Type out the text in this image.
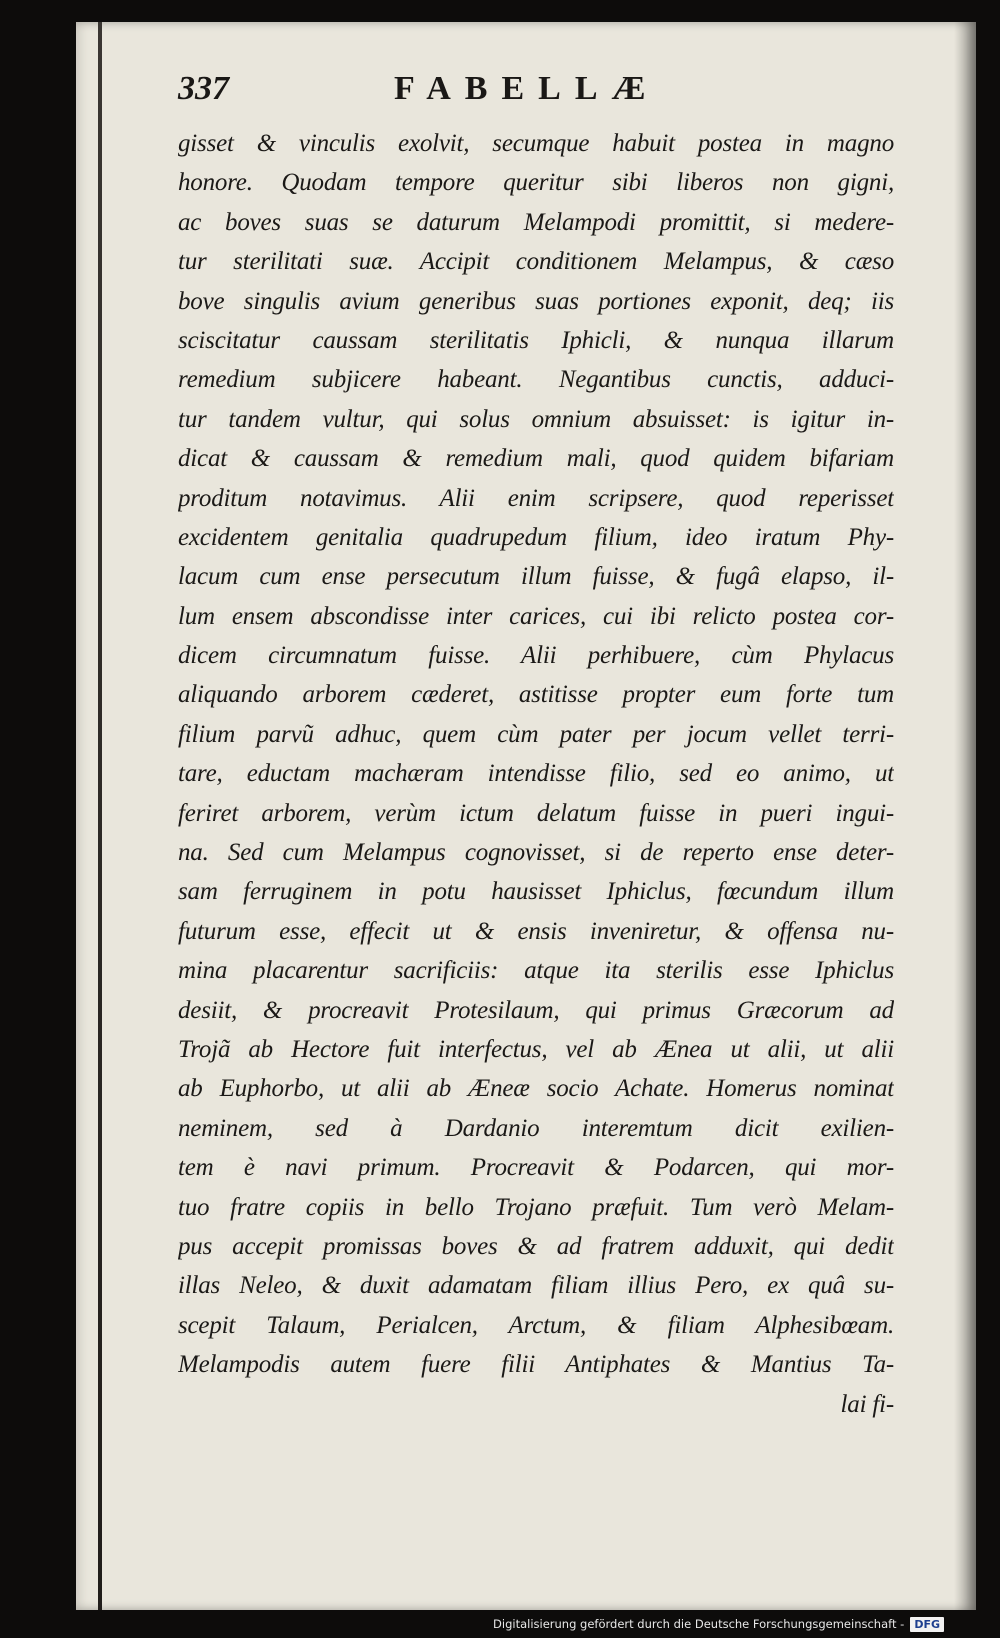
337	FABELLÆ
gisset & vinculis exolvit, secumque habuit postea in magno
honore. Quodam tempore queritur sibi liberos non gigni,
ac boves suas se daturum Melampodi promittit, si medere-
tur sterilitati suæ. Accipit conditionem Melampus, & cæso
bove singulis avium generibus suas portiones exponit, deq; iis
sciscitatur caussam sterilitatis Iphicli, & nunqua illarum
remedium subjicere habeant. Negantibus cunctis, adduci-
tur tandem vultur, qui solus omnium absuisset: is igitur in-
dicat & caussam & remedium mali, quod quidem bifariam
proditum notavimus. Alii enim scripsere, quod reperisset
excidentem genitalia quadrupedum filium, ideo iratum Phy-
lacum cum ense persecutum illum fuisse, & fugâ elapso, il-
lum ensem abscondisse inter carices, cui ibi relicto postea cor-
dicem circumnatum fuisse. Alii perhibuere, cùm Phylacus
aliquando arborem cæderet, astitisse propter eum forte tum
filium parvũ adhuc, quem cùm pater per jocum vellet terri-
tare, eductam machæram intendisse filio, sed eo animo, ut
feriret arborem, verùm ictum delatum fuisse in pueri ingui-
na. Sed cum Melampus cognovisset, si de reperto ense deter-
sam ferruginem in potu hausisset Iphiclus, fœcundum illum
futurum esse, effecit ut & ensis inveniretur, & offensa nu-
mina placarentur sacrificiis: atque ita sterilis esse Iphiclus
desiit, & procreavit Protesilaum, qui primus Græcorum ad
Trojã ab Hectore fuit interfectus, vel ab Ænea ut alii, ut alii
ab Euphorbo, ut alii ab Æneæ socio Achate. Homerus nominat
neminem, sed à Dardanio interemtum dicit exilien-
tem è navi primum. Procreavit & Podarcen, qui mor-
tuo fratre copiis in bello Trojano præfuit. Tum verò Melam-
pus accepit promissas boves & ad fratrem adduxit, qui dedit
illas Neleo, & duxit adamatam filiam illius Pero, ex quâ su-
scepit Talaum, Perialcen, Arctum, & filiam Alphesibœam.
Melampodis autem fuere filii Antiphates & Mantius Ta-
lai fi-
Digitalisierung gefördert durch die Deutsche Forschungsgemeinschaft - DFG
